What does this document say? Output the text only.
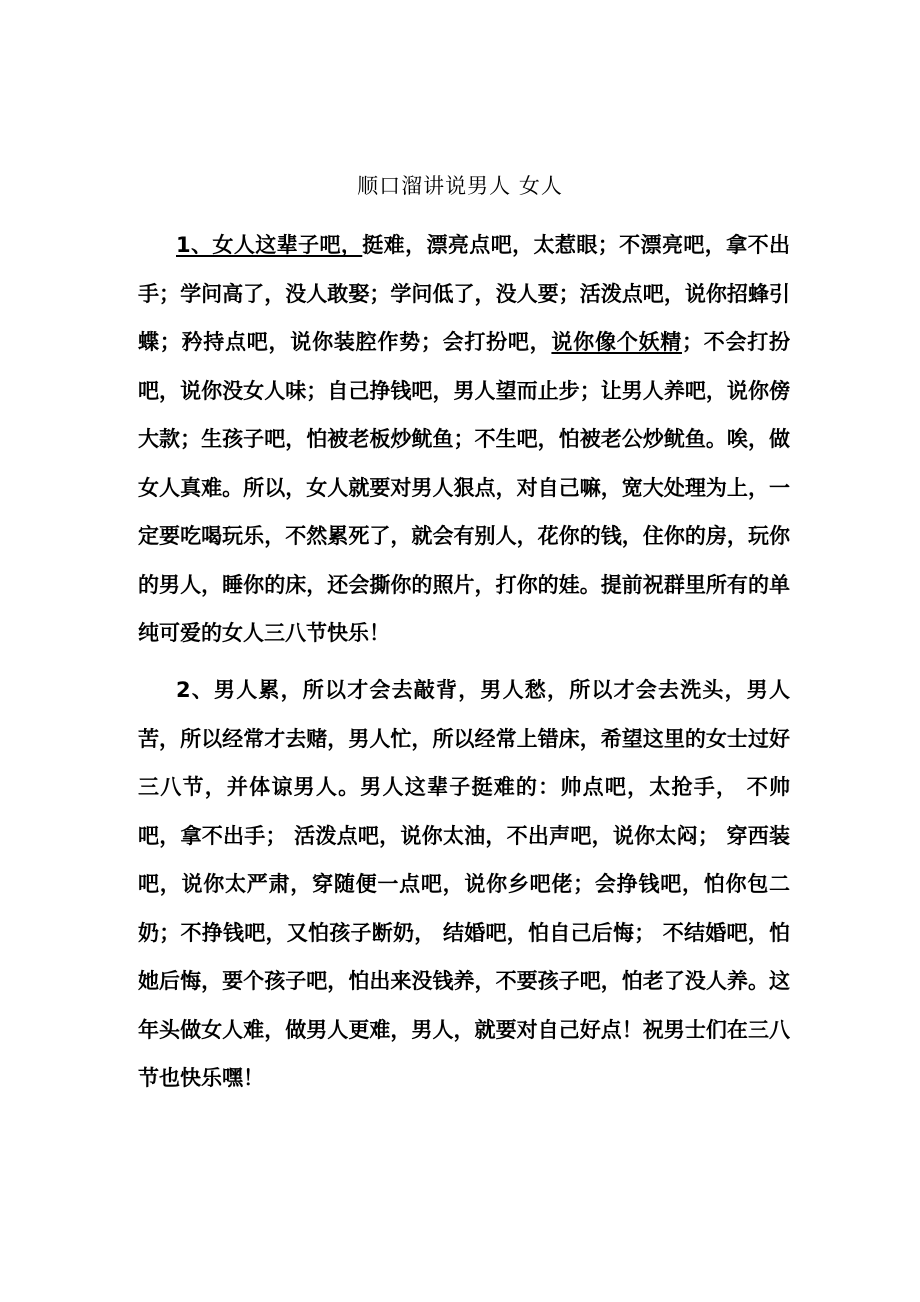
顺口溜讲说男人 女人

1、女人这辈子吧，挺难，漂亮点吧，太惹眼；不漂亮吧，拿不出手；学问高了，没人敢娶；学问低了，没人要；活泼点吧，说你招蜂引蝶；矜持点吧，说你装腔作势；会打扮吧，说你像个妖精；不会打扮吧，说你没女人味；自己挣钱吧，男人望而止步；让男人养吧，说你傍大款；生孩子吧，怕被老板炒鱿鱼；不生吧，怕被老公炒鱿鱼。唉，做女人真难。所以，女人就要对男人狠点，对自己嘛，宽大处理为上，一定要吃喝玩乐，不然累死了，就会有别人，花你的钱，住你的房，玩你的男人，睡你的床，还会撕你的照片，打你的娃。提前祝群里所有的单纯可爱的女人三八节快乐！

2、男人累，所以才会去敲背，男人愁，所以才会去洗头，男人苦，所以经常才去赌，男人忙，所以经常上错床，希望这里的女士过好三八节，并体谅男人。男人这辈子挺难的：帅点吧，太抢手， 不帅吧，拿不出手； 活泼点吧，说你太油，不出声吧，说你太闷； 穿西装吧，说你太严肃，穿随便一点吧，说你乡吧佬；会挣钱吧，怕你包二奶；不挣钱吧，又怕孩子断奶， 结婚吧，怕自己后悔； 不结婚吧，怕她后悔，要个孩子吧，怕出来没钱养，不要孩子吧，怕老了没人养。这年头做女人难，做男人更难，男人，就要对自己好点！祝男士们在三八节也快乐嘿！
